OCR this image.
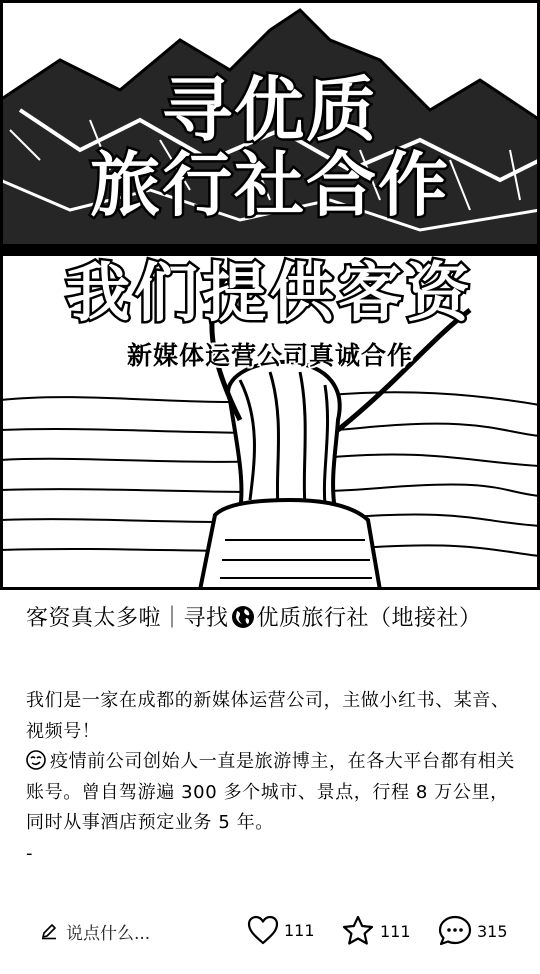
寻优质
旅行社合作
我们提供客资
新媒体运营公司真诚合作
客资真太多啦｜寻找 优质旅行社（地接社）

我们是一家在成都的新媒体运营公司，主做小红书、某音、视频号！

疫情前公司创始人一直是旅游博主，在各大平台都有相关账号。曾自驾游遍 300 多个城市、景点，行程 8 万公里，同时从事酒店预定业务 5 年。

-

说点什么...	111	111	315
